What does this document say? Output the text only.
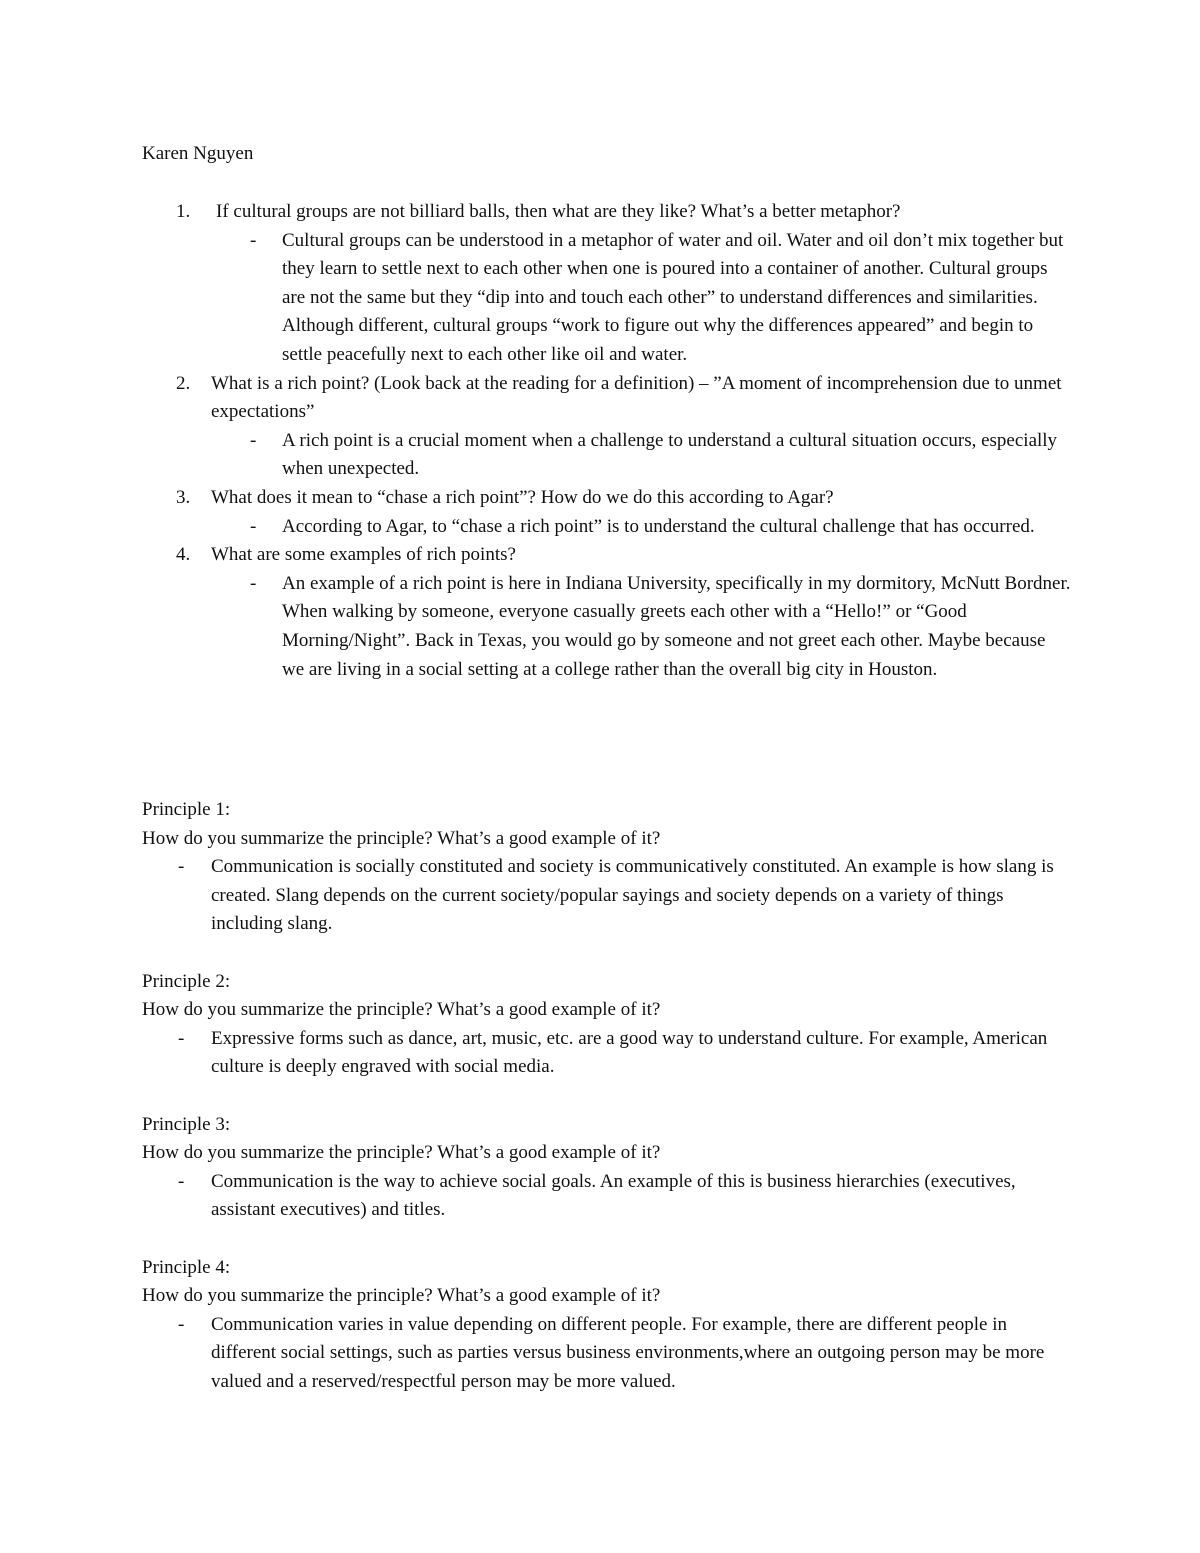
Karen Nguyen

1. If cultural groups are not billiard balls, then what are they like? What’s a better metaphor?
- Cultural groups can be understood in a metaphor of water and oil. Water and oil don’t mix together but they learn to settle next to each other when one is poured into a container of another. Cultural groups are not the same but they “dip into and touch each other” to understand differences and similarities. Although different, cultural groups “work to figure out why the differences appeared” and begin to settle peacefully next to each other like oil and water.
2. What is a rich point? (Look back at the reading for a definition) – ”A moment of incomprehension due to unmet expectations”
- A rich point is a crucial moment when a challenge to understand a cultural situation occurs, especially when unexpected.
3. What does it mean to “chase a rich point”? How do we do this according to Agar?
- According to Agar, to “chase a rich point” is to understand the cultural challenge that has occurred.
4. What are some examples of rich points?
- An example of a rich point is here in Indiana University, specifically in my dormitory, McNutt Bordner. When walking by someone, everyone casually greets each other with a “Hello!” or “Good Morning/Night”. Back in Texas, you would go by someone and not greet each other. Maybe because we are living in a social setting at a college rather than the overall big city in Houston.
Principle 1:
How do you summarize the principle? What’s a good example of it?
- Communication is socially constituted and society is communicatively constituted. An example is how slang is created. Slang depends on the current society/popular sayings and society depends on a variety of things including slang.
Principle 2:
How do you summarize the principle? What’s a good example of it?
- Expressive forms such as dance, art, music, etc. are a good way to understand culture. For example, American culture is deeply engraved with social media.
Principle 3:
How do you summarize the principle? What’s a good example of it?
- Communication is the way to achieve social goals. An example of this is business hierarchies (executives, assistant executives) and titles.
Principle 4:
How do you summarize the principle? What’s a good example of it?
- Communication varies in value depending on different people. For example, there are different people in different social settings, such as parties versus business environments,where an outgoing person may be more valued and a reserved/respectful person may be more valued.
